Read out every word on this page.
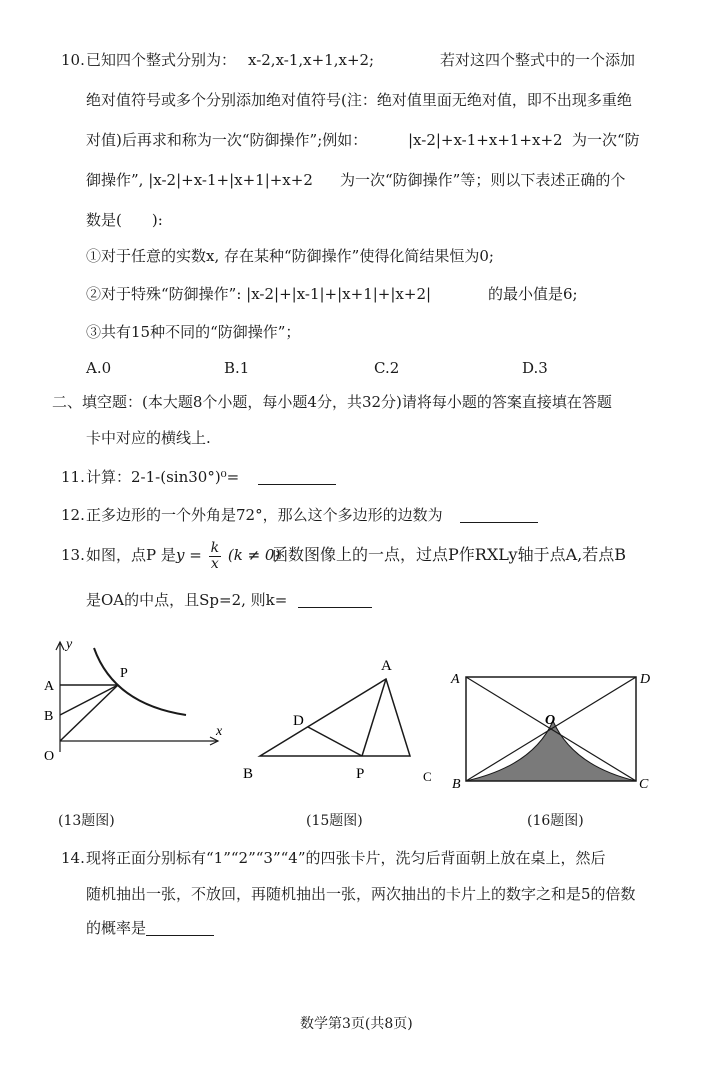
10. 已知四个整式分别为： x-2,x-1,x+1,x+2;	若对这四个整式中的一个添加
绝对值符号或多个分别添加绝对值符号(注：绝对值里面无绝对值，即不出现多重绝
对值)后再求和称为一次“防御操作”;例如：	|x-2|+x-1+x+1+x+2 为一次“防
御操作”, |x-2|+x-1+|x+1|+x+2 为一次“防御操作”等；则以下表述正确的个
数是(　　):
①对于任意的实数x, 存在某种“防御操作”使得化简结果恒为0;
②对于特殊“防御操作”: |x-2|+|x-1|+|x+1|+|x+2|	的最小值是6;
③共有15种不同的“防御操作”；
A.0	B.1	C.2	D.3
二、填空题：(本大题8个小题，每小题4分，共32分)请将每小题的答案直接填在答题
卡中对应的横线上.
11. 计算：2-1-(sin30°)⁰=
12. 正多边形的一个外角是72°，那么这个多边形的边数为
13. 如图，点P 是 $y = \frac{k}{x} (k \ne 0)$
函数图像上的一点，过点P作RXLy轴于点A,若点B
是OA的中点，且Sp=2, 则k=
y
x
A
B
O
P
(13题图)
A
D
B	P	C
(15题图)
A	D
O
B	C
(16题图)
14. 现将正面分别标有“1”“2”“3”“4”的四张卡片，洗匀后背面朝上放在桌上，然后
随机抽出一张，不放回，再随机抽出一张，两次抽出的卡片上的数字之和是5的倍数
的概率是
数学第3页(共8页)
